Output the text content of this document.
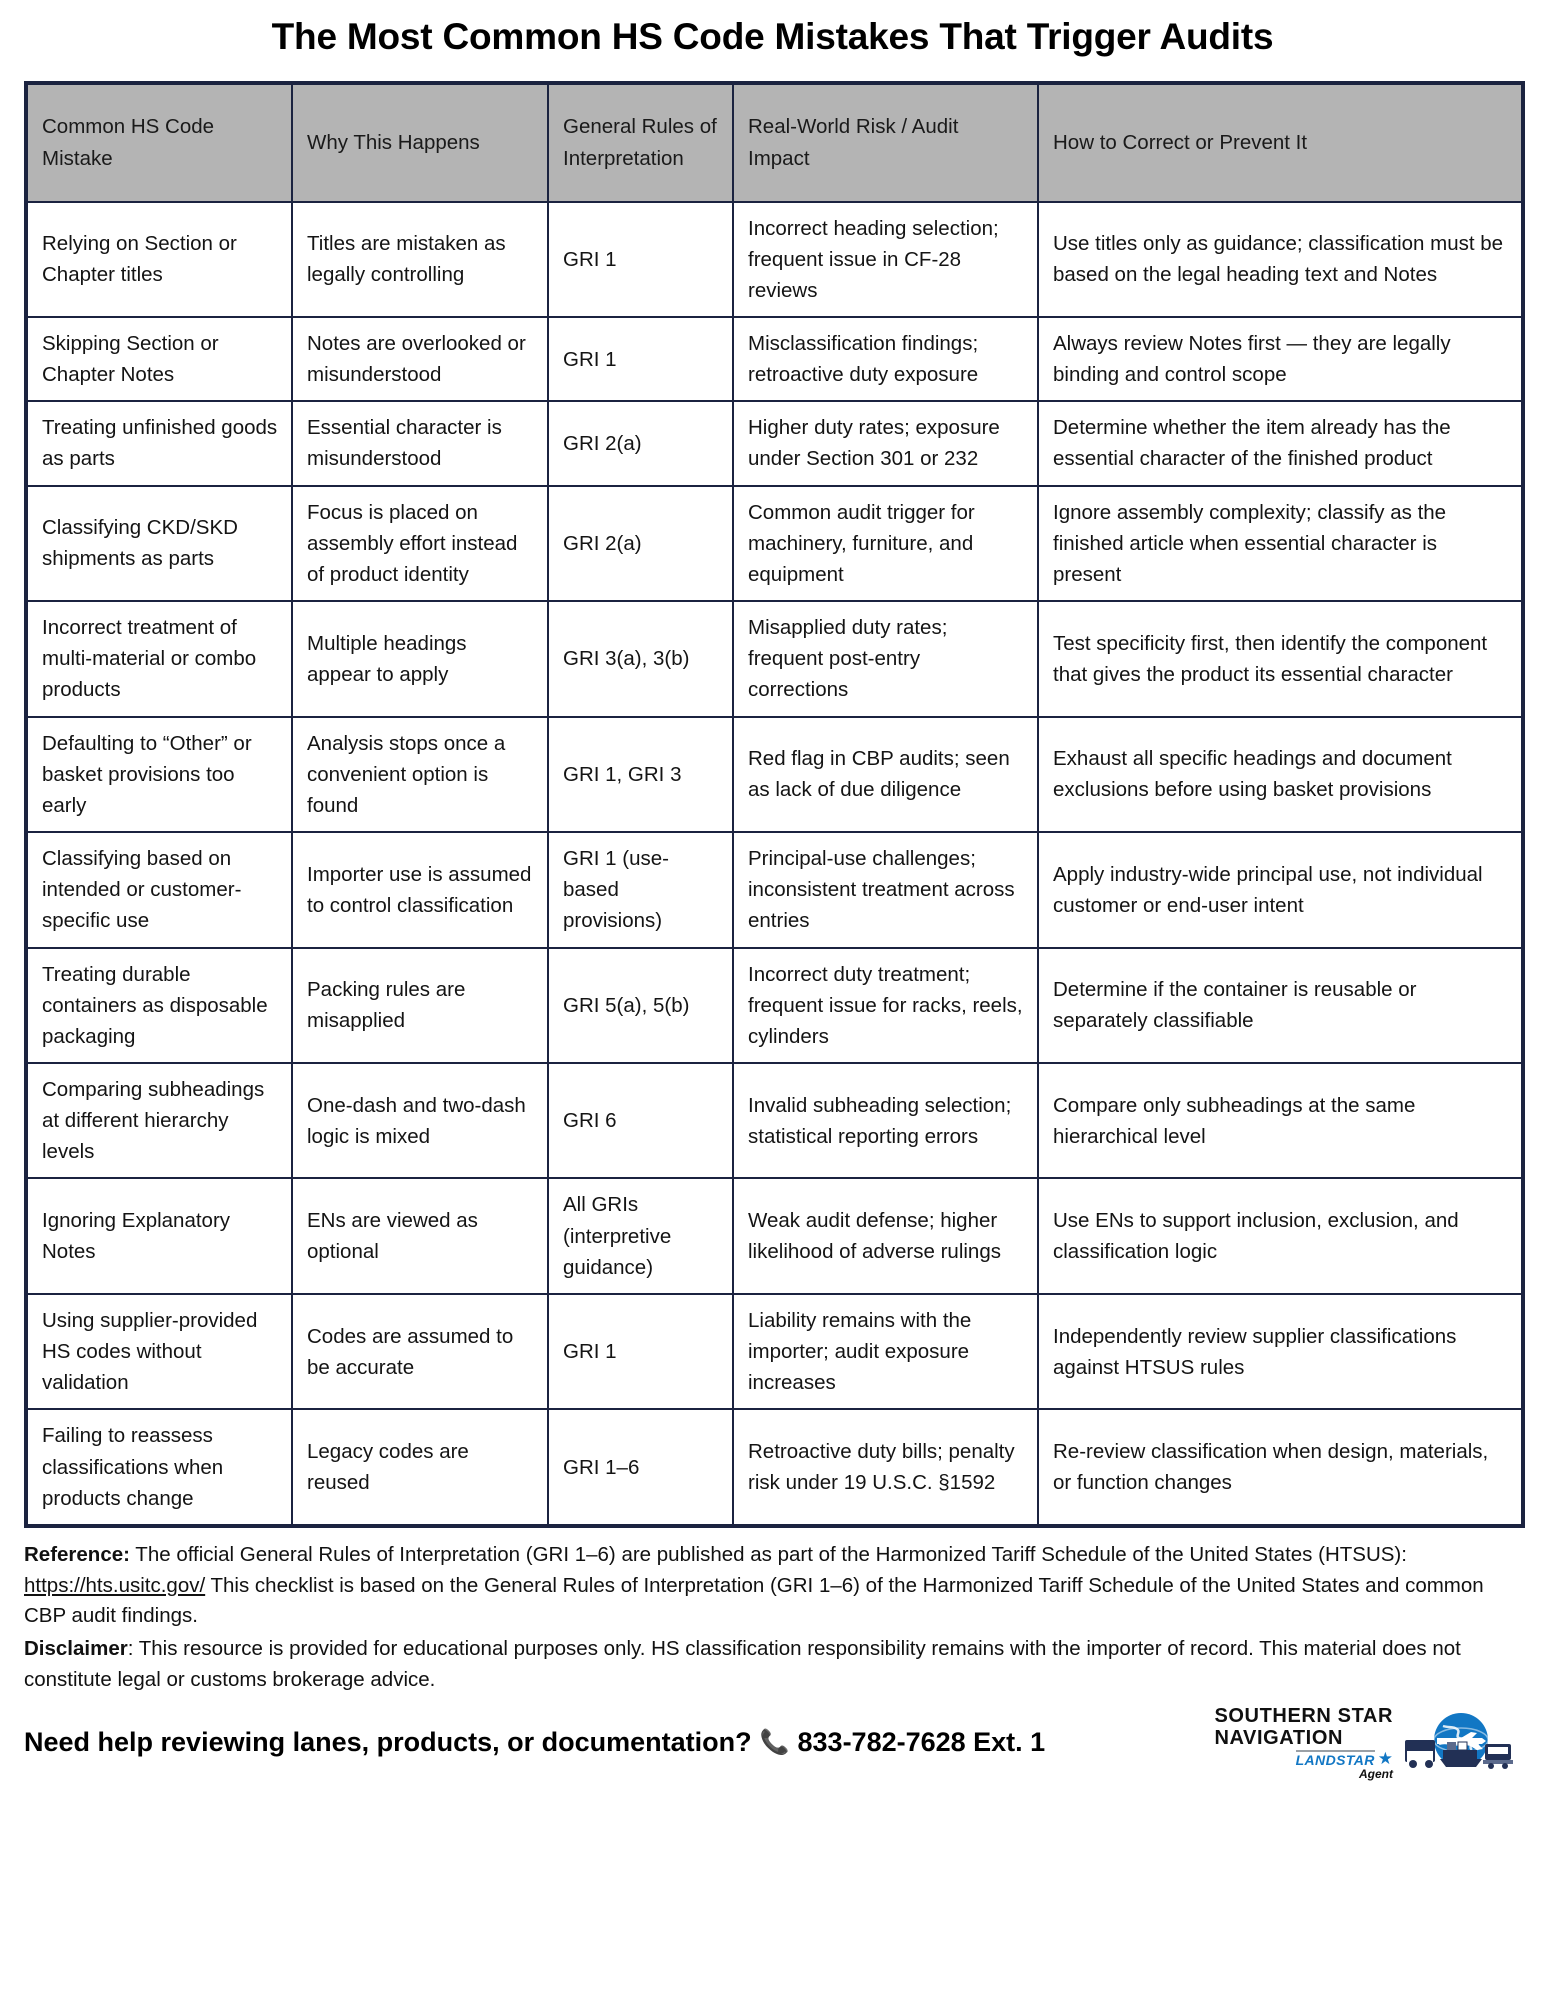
The Most Common HS Code Mistakes That Trigger Audits
Common HS Code Mistake	Why This Happens	General Rules of Interpretation	Real-World Risk / Audit Impact	How to Correct or Prevent It
Relying on Section or Chapter titles	Titles are mistaken as legally controlling	GRI 1	Incorrect heading selection; frequent issue in CF-28 reviews	Use titles only as guidance; classification must be based on the legal heading text and Notes
Skipping Section or Chapter Notes	Notes are overlooked or misunderstood	GRI 1	Misclassification findings; retroactive duty exposure	Always review Notes first — they are legally binding and control scope
Treating unfinished goods as parts	Essential character is misunderstood	GRI 2(a)	Higher duty rates; exposure under Section 301 or 232	Determine whether the item already has the essential character of the finished product
Classifying CKD/SKD shipments as parts	Focus is placed on assembly effort instead of product identity	GRI 2(a)	Common audit trigger for machinery, furniture, and equipment	Ignore assembly complexity; classify as the finished article when essential character is present
Incorrect treatment of multi-material or combo products	Multiple headings appear to apply	GRI 3(a), 3(b)	Misapplied duty rates; frequent post-entry corrections	Test specificity first, then identify the component that gives the product its essential character
Defaulting to “Other” or basket provisions too early	Analysis stops once a convenient option is found	GRI 1, GRI 3	Red flag in CBP audits; seen as lack of due diligence	Exhaust all specific headings and document exclusions before using basket provisions
Classifying based on intended or customer-specific use	Importer use is assumed to control classification	GRI 1 (use-based provisions)	Principal-use challenges; inconsistent treatment across entries	Apply industry-wide principal use, not individual customer or end-user intent
Treating durable containers as disposable packaging	Packing rules are misapplied	GRI 5(a), 5(b)	Incorrect duty treatment; frequent issue for racks, reels, cylinders	Determine if the container is reusable or separately classifiable
Comparing subheadings at different hierarchy levels	One-dash and two-dash logic is mixed	GRI 6	Invalid subheading selection; statistical reporting errors	Compare only subheadings at the same hierarchical level
Ignoring Explanatory Notes	ENs are viewed as optional	All GRIs (interpretive guidance)	Weak audit defense; higher likelihood of adverse rulings	Use ENs to support inclusion, exclusion, and classification logic
Using supplier-provided HS codes without validation	Codes are assumed to be accurate	GRI 1	Liability remains with the importer; audit exposure increases	Independently review supplier classifications against HTSUS rules
Failing to reassess classifications when products change	Legacy codes are reused	GRI 1–6	Retroactive duty bills; penalty risk under 19 U.S.C. §1592	Re-review classification when design, materials, or function changes

Reference: The official General Rules of Interpretation (GRI 1–6) are published as part of the Harmonized Tariff Schedule of the United States (HTSUS): https://hts.usitc.gov/ This checklist is based on the General Rules of Interpretation (GRI 1–6) of the Harmonized Tariff Schedule of the United States and common CBP audit findings.

Disclaimer: This resource is provided for educational purposes only. HS classification responsibility remains with the importer of record. This material does not constitute legal or customs brokerage advice.

Need help reviewing lanes, products, or documentation? 📞 833-782-7628 Ext. 1
SOUTHERN STAR
NAVIGATION
LANDSTAR ★
Agent
